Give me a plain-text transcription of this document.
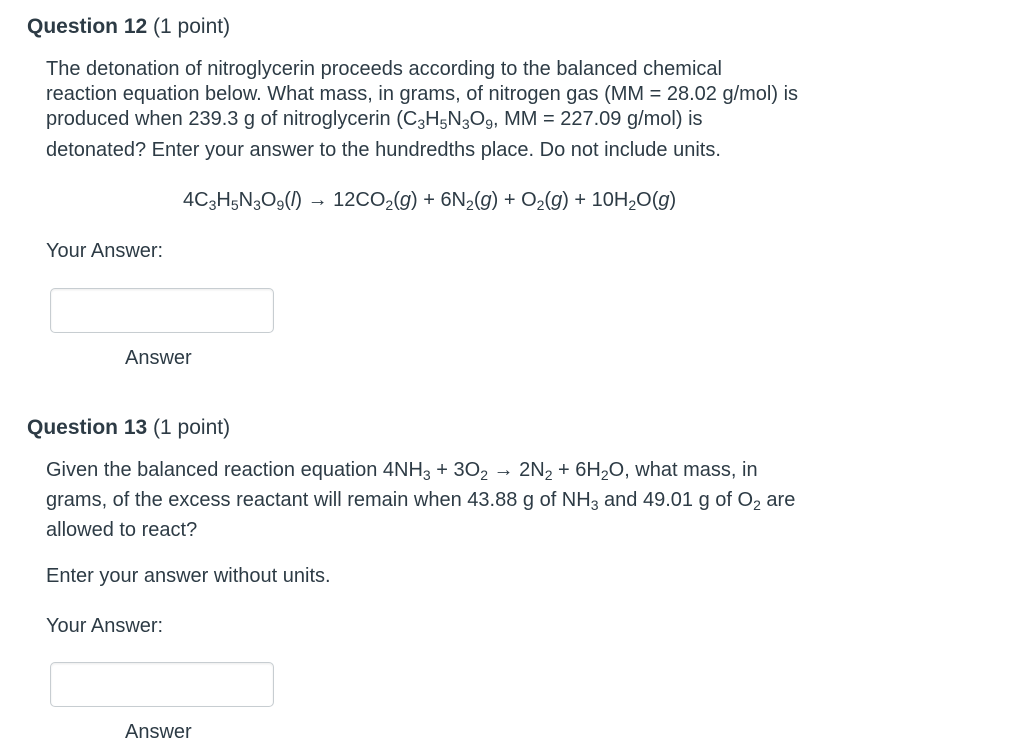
Question 12 (1 point)
The detonation of nitroglycerin proceeds according to the balanced chemical
reaction equation below. What mass, in grams, of nitrogen gas (MM = 28.02 g/mol) is
produced when 239.3 g of nitroglycerin ($C_3H_5N_3O_9$, MM = 227.09 g/mol) is
detonated? Enter your answer to the hundredths place. Do not include units.
$4C_3H_5N_3O_9(l) \to 12CO_2(g) + 6N_2(g) + O_2(g) + 10H_2O(g)$
Your Answer:
Answer
Question 13 (1 point)
Given the balanced reaction equation $4NH_3 + 3O_2 \to 2N_2 + 6H_2O$, what mass, in
grams, of the excess reactant will remain when 43.88 g of $NH_3$ and 49.01 g of $O_2$ are
allowed to react?
Enter your answer without units.
Your Answer:
Answer
